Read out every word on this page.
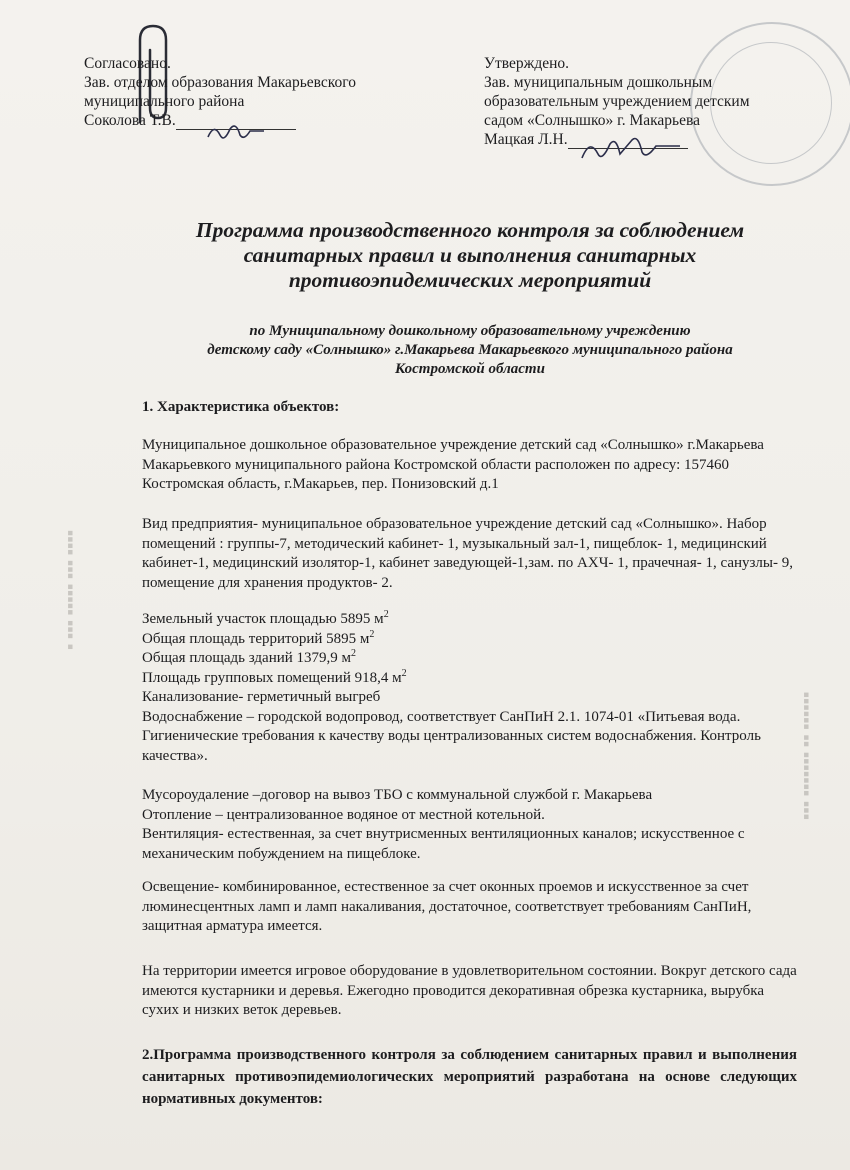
▪ ▪▪▪ ▪▪▪▪▪ ▪▪▪ ▪▪▪▪
▪▪▪ ▪▪▪▪▪▪▪ ▪▪ ▪▪▪▪▪▪
Согласовано.
Зав. отделом образования Макарьевского
муниципального района
Соколова Т.В.
Утверждено.
Зав. муниципальным дошкольным
образовательным учреждением детским
садом «Солнышко» г. Макарьева
Мацкая Л.Н.
Программа производственного контроля за соблюдением
санитарных правил и выполнения санитарных
противоэпидемических мероприятий
по Муниципальному дошкольному образовательному учреждению
детскому саду «Солнышко» г.Макарьева Макарьевкого муниципального района
Костромской области

1. Характеристика объектов:

Муниципальное дошкольное образовательное учреждение детский сад «Солнышко» г.Макарьева Макарьевкого муниципального района Костромской области расположен по адресу: 157460 Костромская область, г.Макарьев, пер. Понизовский д.1

Вид предприятия- муниципальное образовательное учреждение детский сад «Солнышко». Набор помещений : группы-7, методический кабинет- 1, музыкальный зал-1, пищеблок- 1, медицинский кабинет-1, медицинский изолятор-1, кабинет заведующей-1,зам. по АХЧ- 1, прачечная- 1, санузлы- 9, помещение для хранения продуктов- 2.

Земельный участок площадью 5895 $м^2$

Общая площадь территорий 5895 $м^2$

Общая площадь зданий 1379,9 $м^2$

Площадь групповых помещений 918,4 $м^2$

Канализование- герметичный выгреб

Водоснабжение – городской водопровод, соответствует СанПиН 2.1. 1074-01 «Питьевая вода. Гигиенические требования к качеству воды централизованных систем водоснабжения. Контроль качества».

Мусороудаление –договор на вывоз ТБО с коммунальной службой г. Макарьева

Отопление – централизованное водяное от местной котельной.

Вентиляция- естественная, за счет внутрисменных вентиляционных каналов; искусственное с механическим побуждением на пищеблоке.

Освещение- комбинированное, естественное за счет оконных проемов и искусственное за счет люминесцентных ламп и ламп накаливания, достаточное, соответствует требованиям СанПиН, защитная арматура имеется.

На территории имеется игровое оборудование в удовлетворительном состоянии. Вокруг детского сада имеются кустарники и деревья. Ежегодно проводится декоративная обрезка кустарника, вырубка сухих и низких веток деревьев.

2.Программа производственного контроля за соблюдением санитарных правил и выполнения санитарных противоэпидемиологических мероприятий разработана на основе следующих нормативных документов:
